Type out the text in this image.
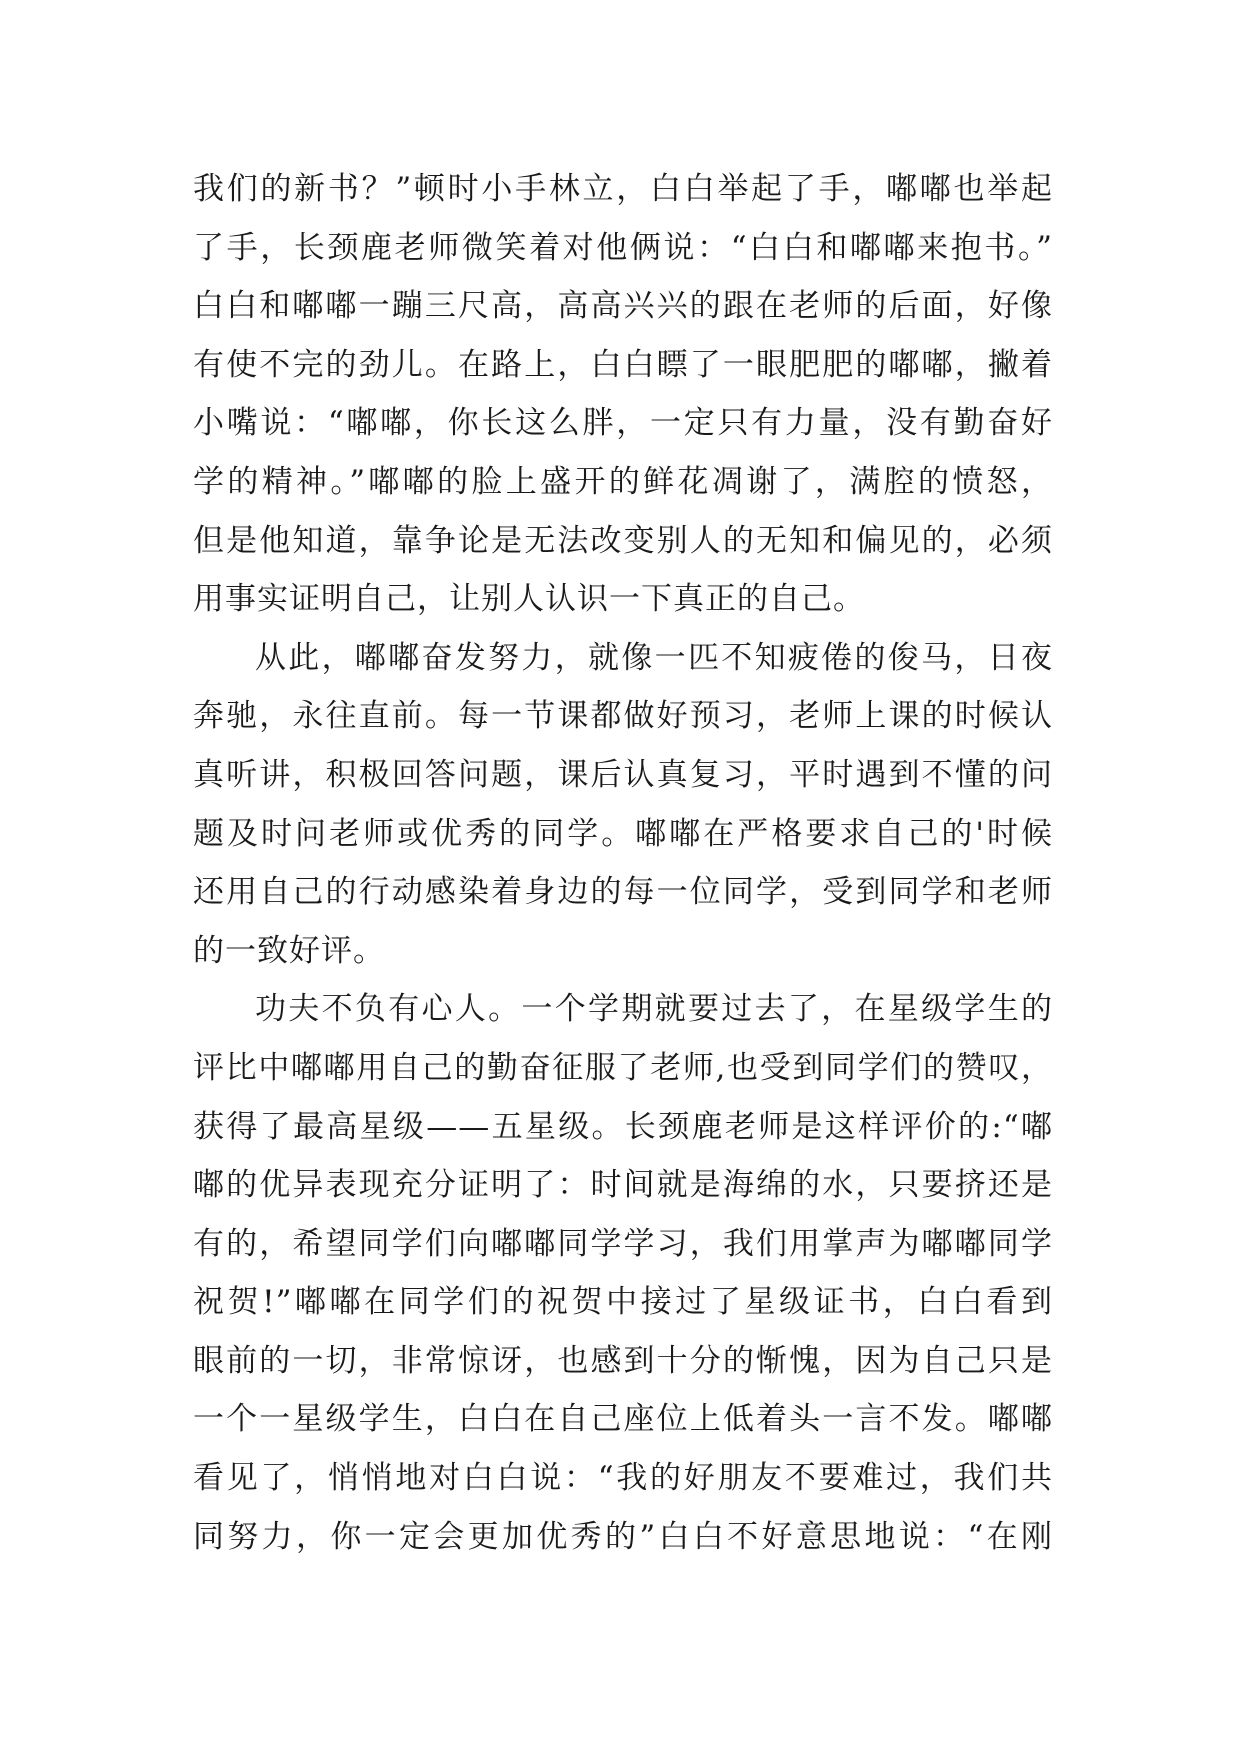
我们的新书？”顿时小手林立，白白举起了手，嘟嘟也举起
了手，长颈鹿老师微笑着对他俩说：“白白和嘟嘟来抱书。”
白白和嘟嘟一蹦三尺高，高高兴兴的跟在老师的后面，好像
有使不完的劲儿。在路上，白白瞟了一眼肥肥的嘟嘟，撇着
小嘴说：“嘟嘟，你长这么胖，一定只有力量，没有勤奋好
学的精神。”嘟嘟的脸上盛开的鲜花凋谢了，满腔的愤怒，
但是他知道，靠争论是无法改变别人的无知和偏见的，必须
用事实证明自己，让别人认识一下真正的自己。
从此，嘟嘟奋发努力，就像一匹不知疲倦的俊马，日夜
奔驰，永往直前。每一节课都做好预习，老师上课的时候认
真听讲，积极回答问题，课后认真复习，平时遇到不懂的问
题及时问老师或优秀的同学。嘟嘟在严格要求自己的'时候
还用自己的行动感染着身边的每一位同学，受到同学和老师
的一致好评。
功夫不负有心人。一个学期就要过去了，在星级学生的
评比中嘟嘟用自己的勤奋征服了老师,也受到同学们的赞叹，
获得了最高星级——五星级。长颈鹿老师是这样评价的:“嘟
嘟的优异表现充分证明了：时间就是海绵的水，只要挤还是
有的，希望同学们向嘟嘟同学学习，我们用掌声为嘟嘟同学
祝贺!”嘟嘟在同学们的祝贺中接过了星级证书，白白看到
眼前的一切，非常惊讶，也感到十分的惭愧，因为自己只是
一个一星级学生，白白在自己座位上低着头一言不发。嘟嘟
看见了，悄悄地对白白说：“我的好朋友不要难过，我们共
同努力，你一定会更加优秀的”白白不好意思地说：“在刚
